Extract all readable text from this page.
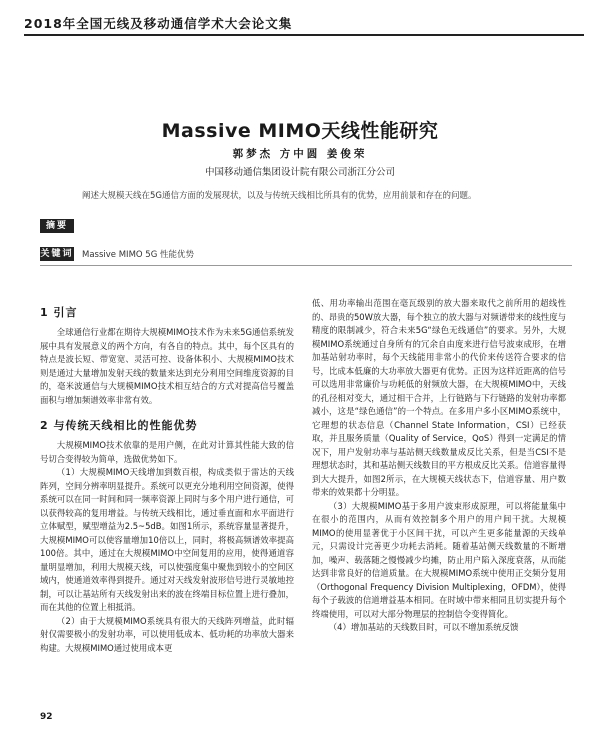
2018年全国无线及移动通信学术大会论文集
Massive MIMO天线性能研究
郭梦杰 方中圆 姜俊荣
中国移动通信集团设计院有限公司浙江分公司
摘要
阐述大规模天线在5G通信方面的发展现状，以及与传统天线相比所具有的优势，应用前景和存在的问题。
关键词 Massive MIMO 5G 性能优势
1 引言

全球通信行业都在期待大规模MIMO技术作为未来5G通信系统发展中具有发展意义的两个方向，有各自的特点。其中，每个区具有的特点是波长短、带宽宽、灵活可控、设备体积小、大规模MIMO技术则是通过大量增加发射天线的数量来达到充分利用空间维度资源的目的，毫米波通信与大规模MIMO技术相互结合的方式对提高信号覆盖面积与增加频谱效率非常有效。

2 与传统天线相比的性能优势

大规模MIMO技术依靠的是用户侧，在此对计算其性能大致的信号切合变得较为简单，选做优势如下。

（1）大规模MIMO天线增加到数百根，构成类似于雷达的天线阵列，空间分辨率明显提升。系统可以更充分地利用空间资源，使得系统可以在同一时间和同一频率资源上同时与多个用户进行通信，可以获得较高的复用增益。与传统天线相比，通过垂直面和水平面进行立体赋型，赋型增益为2.5~5dB。如图1所示，系统容量显著提升，大规模MIMO可以使容量增加10倍以上，同时，将极高频谱效率提高100倍。其中，通过在大规模MIMO中空间复用的应用，使得通道容量明显增加，利用大规模天线，可以使强度集中聚焦到较小的空间区域内，使通道效率得到提升。通过对天线发射波形信号进行灵敏地控制，可以让基站所有天线发射出来的波在终端目标位置上进行叠加，而在其他的位置上相抵消。

（2）由于大规模MIMO系统具有很大的天线阵列增益，此时辐射仅需要极小的发射功率，可以使用低成本、低功耗的功率放大器来构建。大规模MIMO通过使用成本更

低、用功率输出范围在毫瓦级别的放大器来取代之前所用的超线性的、昂贵的50W放大器，每个独立的放大器与对频谱带来的线性度与精度的限制减少，符合未来5G“绿色无线通信”的要求。另外，大规模MIMO系统通过自身所有的冗余自由度来进行信号波束成形，在增加基站射功率时，每个天线能用非常小的代价来传送符合要求的信号，比成本低廉的大功率放大器更有优势。正因为这样近距离的信号可以选用非常廉价与功耗低的射频放大器，在大规模MIMO中，天线的孔径相对变大，通过相干合并，上行链路与下行链路的发射功率都减小，这是“绿色通信”的一个特点。在多用户多小区MIMO系统中，它理想的状态信息（Channel State Information，CSI）已经获取，并且服务质量（Quality of Service，QoS）得到一定满足的情况下，用户发射功率与基站侧天线数量成反比关系，但是当CSI不是理想状态时，其和基站侧天线数目的平方根成反比关系。信道容量得到大大提升，如图2所示，在大规模天线状态下，信道容量、用户数带来的效果都十分明显。

（3）大规模MIMO基于多用户波束形成原理，可以将能量集中在很小的范围内，从而有效控制多个用户的用户间干扰。大规模MIMO的使用显著优于小区间干扰，可以产生更多能量源的天线单元，只需设计完善更少功耗去消耗。随着基站侧天线数量的不断增加，噪声、载落随之慢慢减少均摊，防止用户陷入深度衰落，从而能达到非常良好的信道质量。在大规模MIMO系统中使用正交频分复用（Orthogonal Frequency Division Multiplexing，OFDM），使得每个子载波的信道增益基本相同。在时域中带来相同且切实提升每个终端使用，可以对大部分物理层的控制信令变得简化。

（4）增加基站的天线数目时，可以不增加系统反馈

92
